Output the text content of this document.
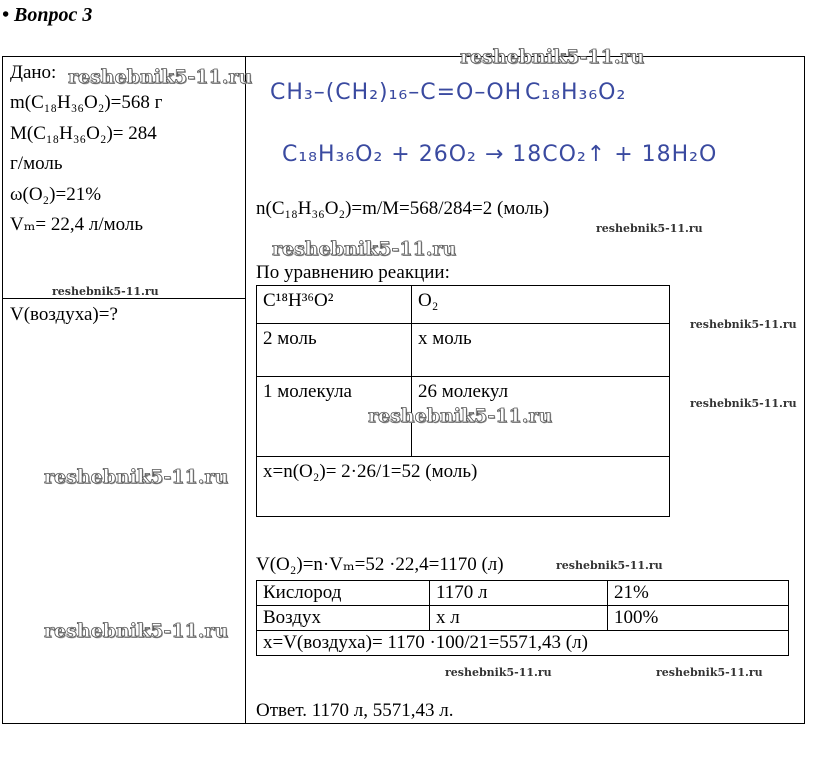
• Вопрос 3
Дано:
m(C₁₈H₃₆O₂)=568 г
M(C₁₈H₃₆O₂)= 284
г/моль
ω(O₂)=21%
Vₘ= 22,4 л/моль
V(воздуха)=?
CH₃–(CH₂)₁₆–C=O–OH C₁₈H₃₆O₂
C₁₈H₃₆O₂ + 26O₂ → 18CO₂↑ + 18H₂O
n(C₁₈H₃₆O₂)=m/M=568/284=2 (моль)
По уравнению реакции:
C¹⁸H³⁶O²	O₂
2 моль	x моль
1 молекула	26 молекул
x=n(O₂)= 2·26/1=52 (моль)	
V(O₂)=n·Vₘ=52 ·22,4=1170 (л)
Кислород	1170 л	21%
Воздух	x л	100%
x=V(воздуха)= 1170 ·100/21=5571,43 (л)		
Ответ. 1170 л, 5571,43 л.
reshebnik5-11.ru
reshebnik5-11.ru
reshebnik5-11.ru
reshebnik5-11.ru
reshebnik5-11.ru
reshebnik5-11.ru
reshebnik5-11.ru
reshebnik5-11.ru
reshebnik5-11.ru
reshebnik5-11.ru
reshebnik5-11.ru
reshebnik5-11.ru	reshebnik5-11.ru
